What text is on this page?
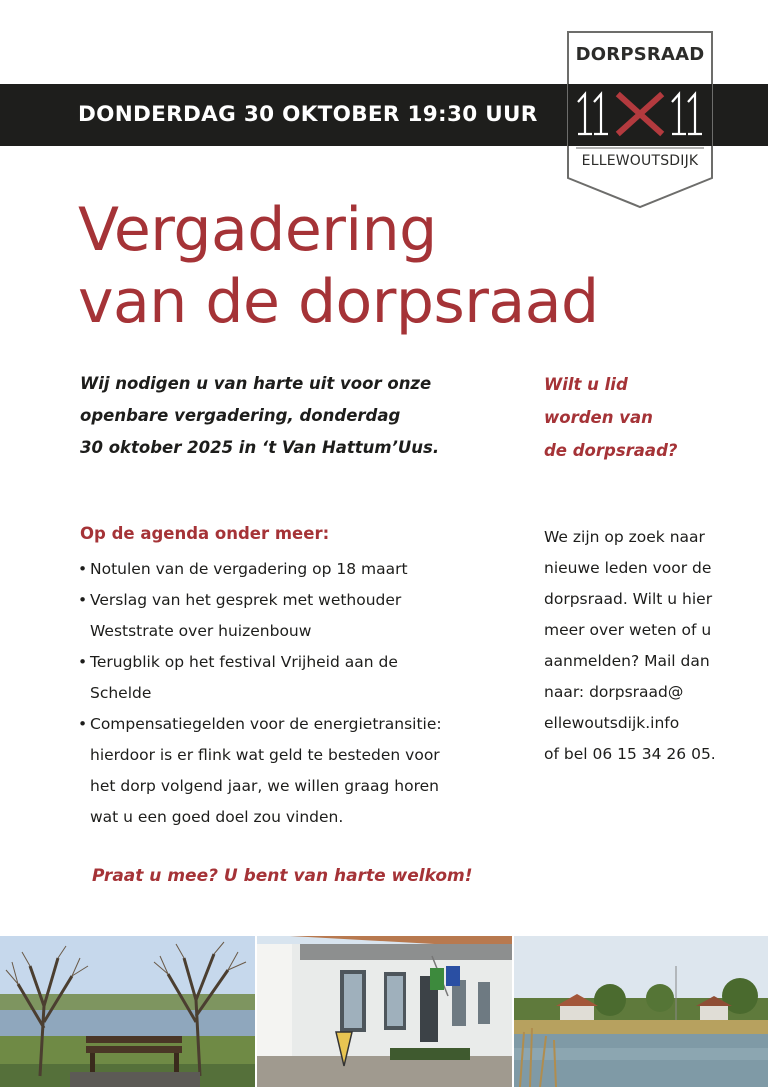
DONDERDAG 30 OKTOBER 19:30 UUR
DORPSRAAD
ELLEWOUTSDIJK
Vergadering
van de dorpsraad
Wij nodigen u van harte uit voor onze
openbare vergadering, donderdag
30 oktober 2025 in ‘t Van Hattum’Uus.
Wilt u lid
worden van
de dorpsraad?
Op de agenda onder meer:
• Notulen van de vergadering op 18 maart
• Verslag van het gesprek met wethouder
Weststrate over huizenbouw
• Terugblik op het festival Vrijheid aan de
Schelde
• Compensatiegelden voor de energietransitie:
hierdoor is er flink wat geld te besteden voor
het dorp volgend jaar, we willen graag horen
wat u een goed doel zou vinden.
We zijn op zoek naar
nieuwe leden voor de
dorpsraad. Wilt u hier
meer over weten of u
aanmelden? Mail dan
naar: dorpsraad@
ellewoutsdijk.info
of bel 06 15 34 26 05.
Praat u mee? U bent van harte welkom!
